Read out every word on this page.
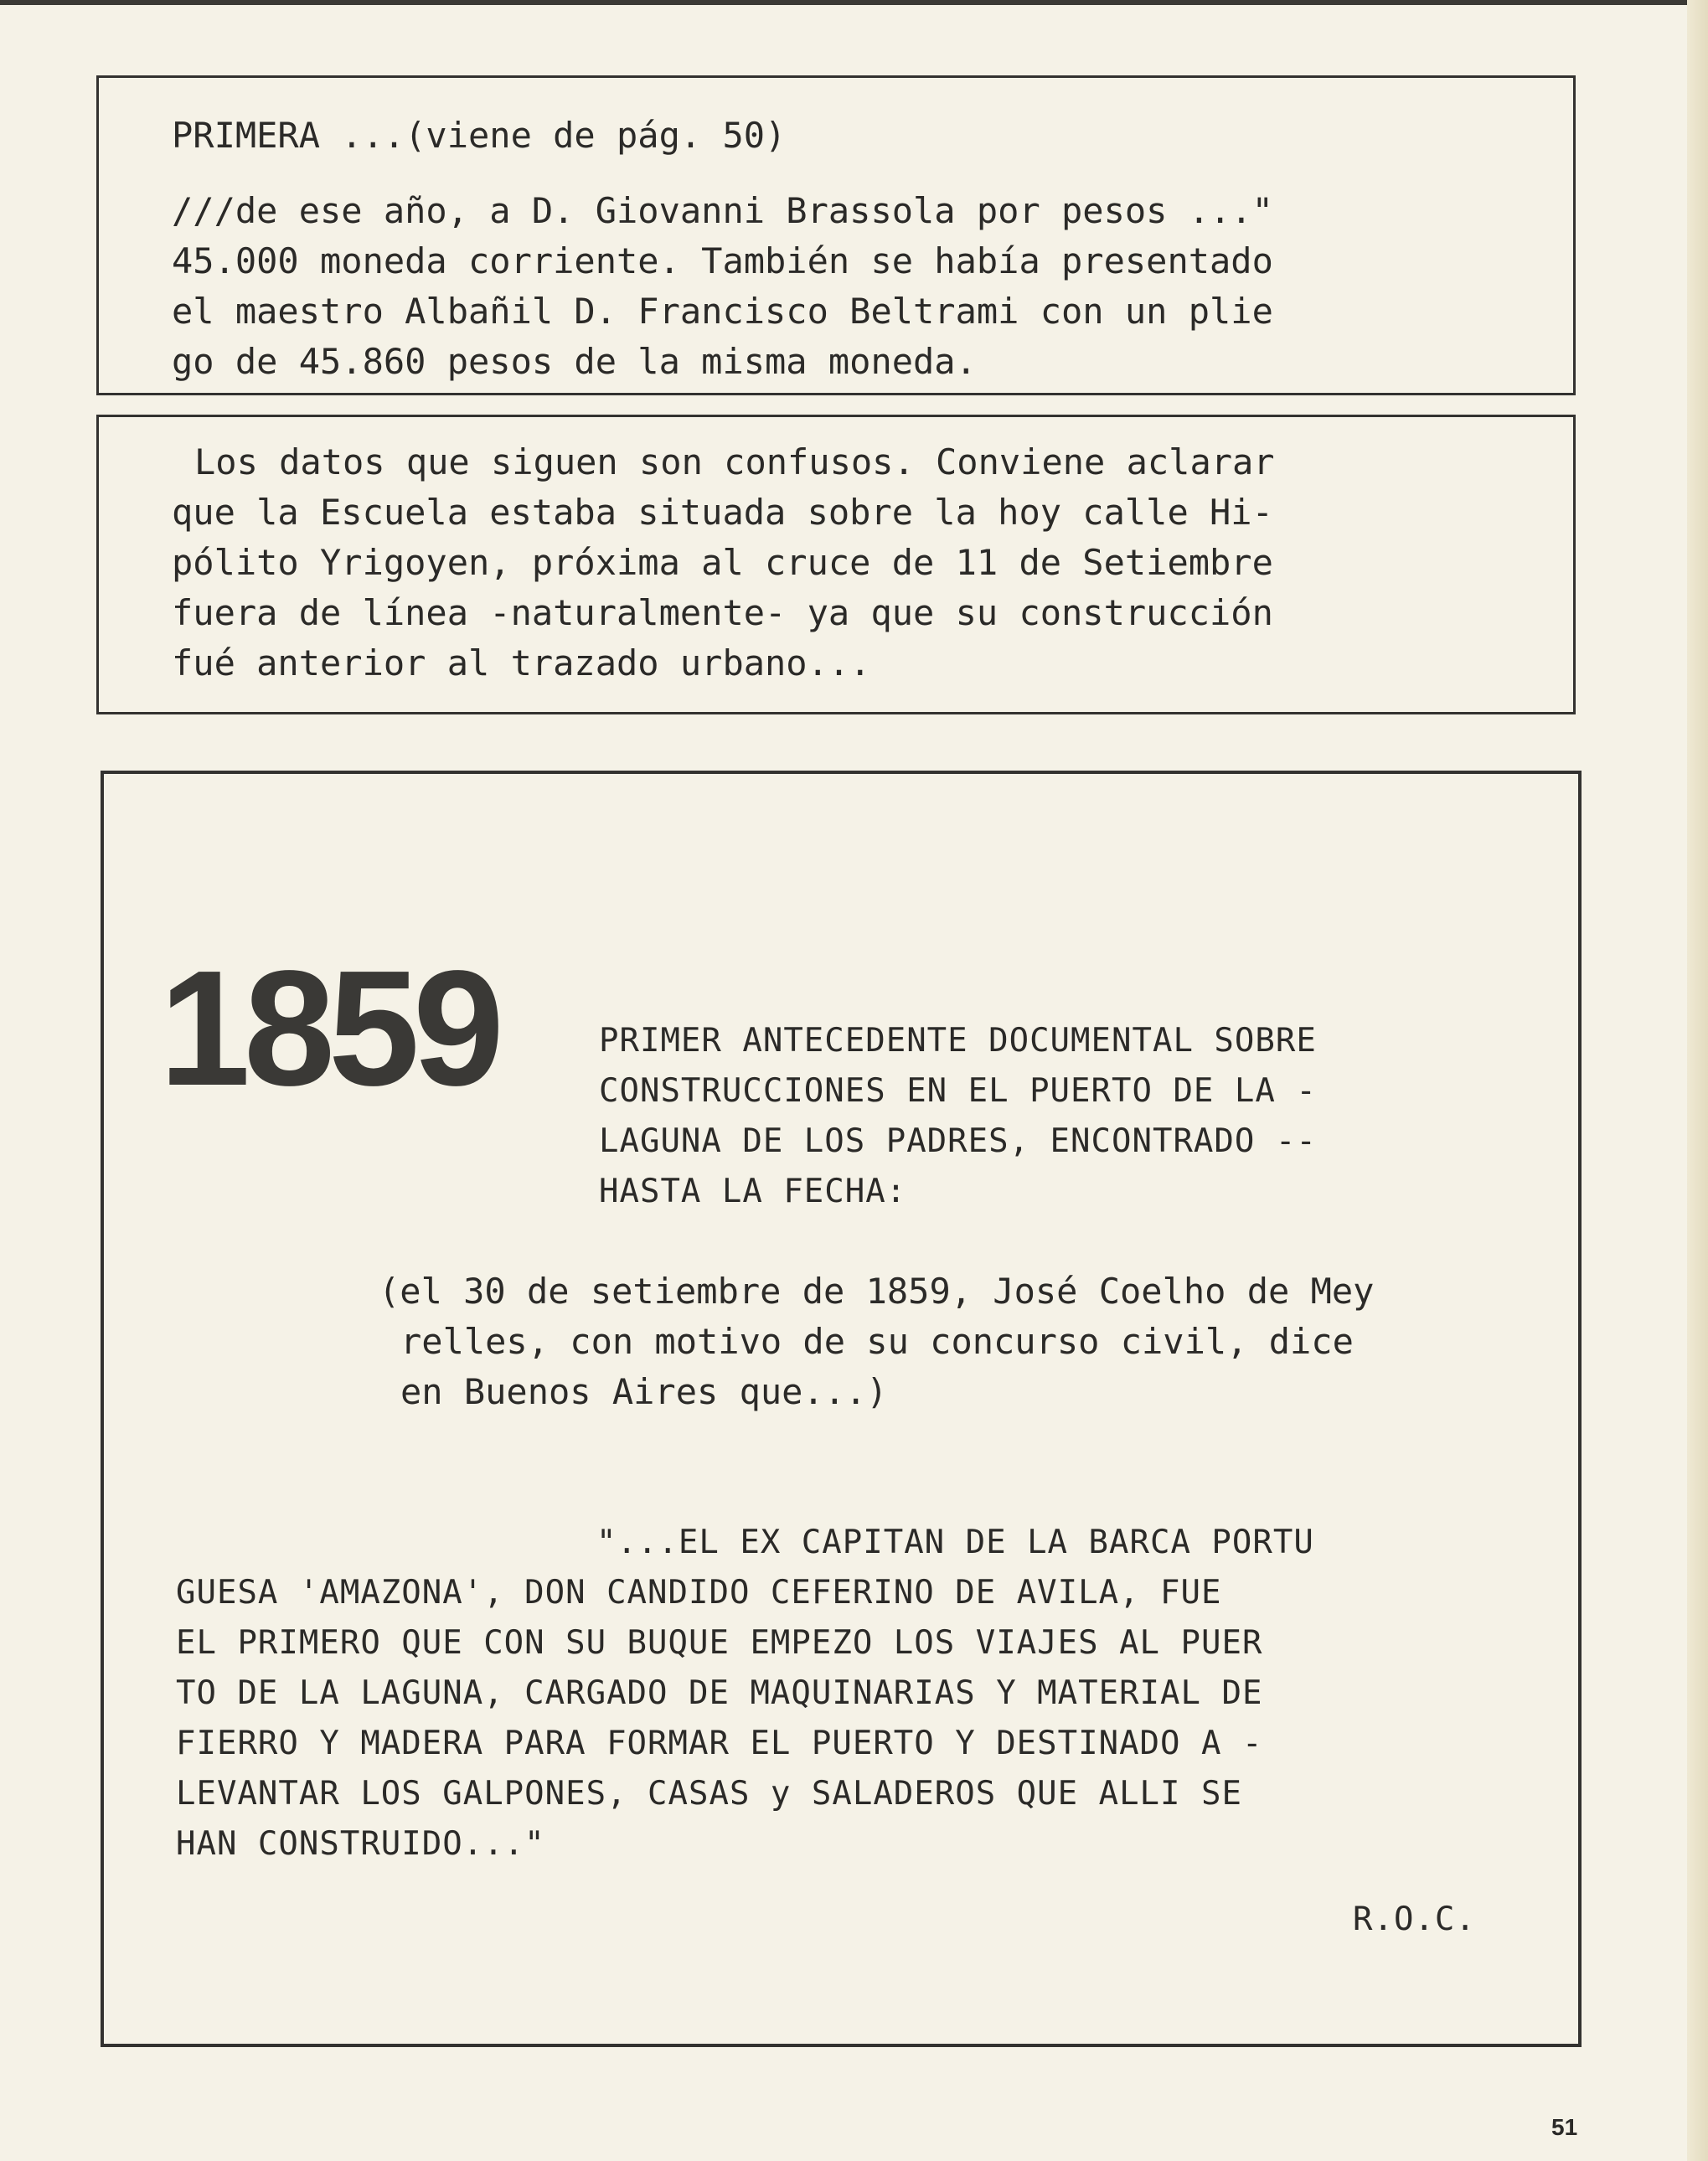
PRIMERA ...(viene de pág. 50)
///de ese año, a D. Giovanni Brassola por pesos ..."
45.000 moneda corriente. También se había presentado
el maestro Albañil D. Francisco Beltrami con un plie
go de 45.860 pesos de la misma moneda.
Los datos que siguen son confusos. Conviene aclarar
que la Escuela estaba situada sobre la hoy calle Hi-
pólito Yrigoyen, próxima al cruce de 11 de Setiembre
fuera de línea -naturalmente- ya que su construcción
fué anterior al trazado urbano...
1859	PRIMER ANTECEDENTE DOCUMENTAL SOBRE
CONSTRUCCIONES EN EL PUERTO DE LA -
LAGUNA DE LOS PADRES, ENCONTRADO --
HASTA LA FECHA:
(el 30 de setiembre de 1859, José Coelho de Mey
relles, con motivo de su concurso civil, dice
en Buenos Aires que...)
"...EL EX CAPITAN DE LA BARCA PORTU
GUESA 'AMAZONA', DON CANDIDO CEFERINO DE AVILA, FUE
EL PRIMERO QUE CON SU BUQUE EMPEZO LOS VIAJES AL PUER
TO DE LA LAGUNA, CARGADO DE MAQUINARIAS Y MATERIAL DE
FIERRO Y MADERA PARA FORMAR EL PUERTO Y DESTINADO A -
LEVANTAR LOS GALPONES, CASAS y SALADEROS QUE ALLI SE
HAN CONSTRUIDO..."
R.O.C.
51
